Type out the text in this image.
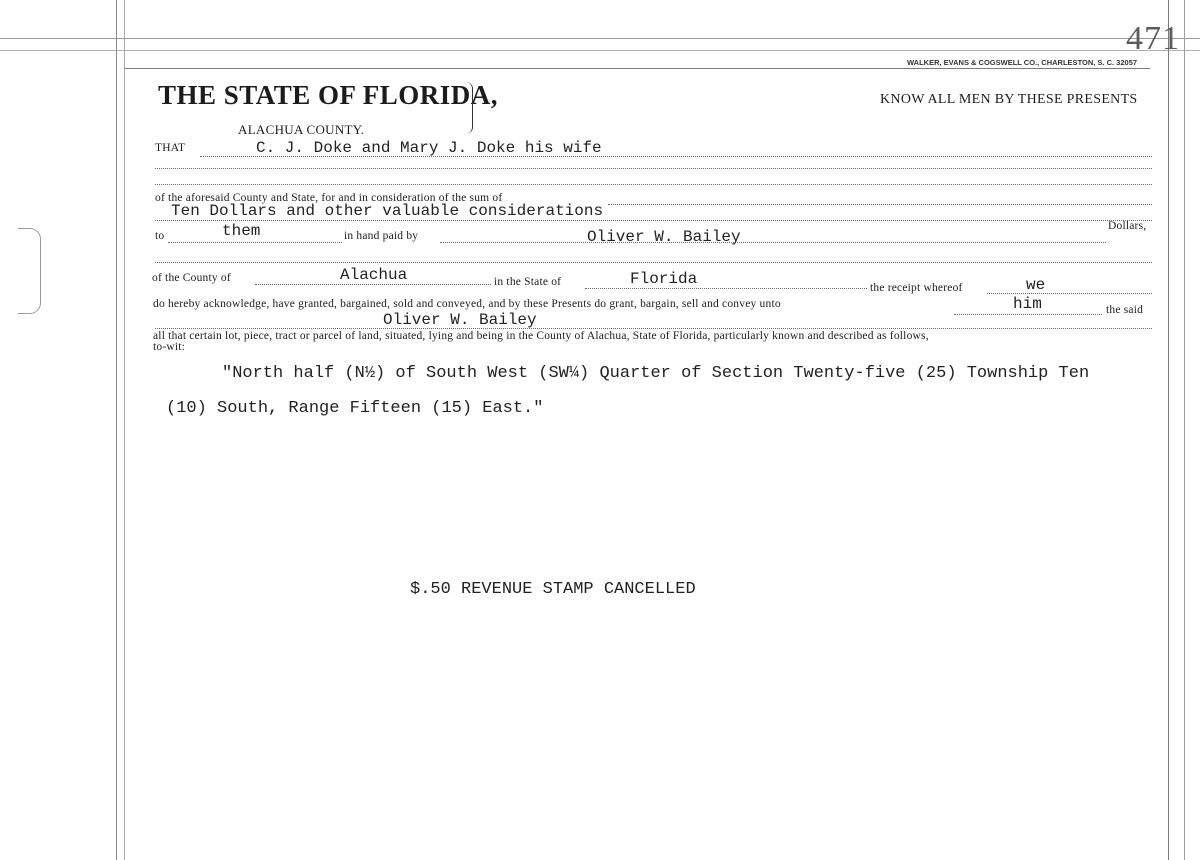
471
WALKER, EVANS & COGSWELL CO., CHARLESTON, S. C. 32057
THE STATE OF FLORIDA,
ALACHUA COUNTY.
KNOW ALL MEN BY THESE PRESENTS
THAT	C. J. Doke and Mary J. Doke his wife
of the aforesaid County and State, for and in consideration of the sum of
Ten Dollars and other valuable considerations
to	them	in hand paid by	Oliver W. Bailey
Dollars,
of the County of	Alachua	in the State of	Florida	the receipt whereof	we
do hereby acknowledge, have granted, bargained, sold and conveyed, and by these Presents do grant, bargain, sell and convey unto	him	the said
Oliver W. Bailey
all that certain lot, piece, tract or parcel of land, situated, lying and being in the County of Alachua, State of Florida, particularly known and described as follows,
to-wit:
"North half (N½) of South West (SW¼) Quarter of Section Twenty-five (25) Township Ten
(10) South, Range Fifteen (15) East."
$.50 REVENUE STAMP CANCELLED
